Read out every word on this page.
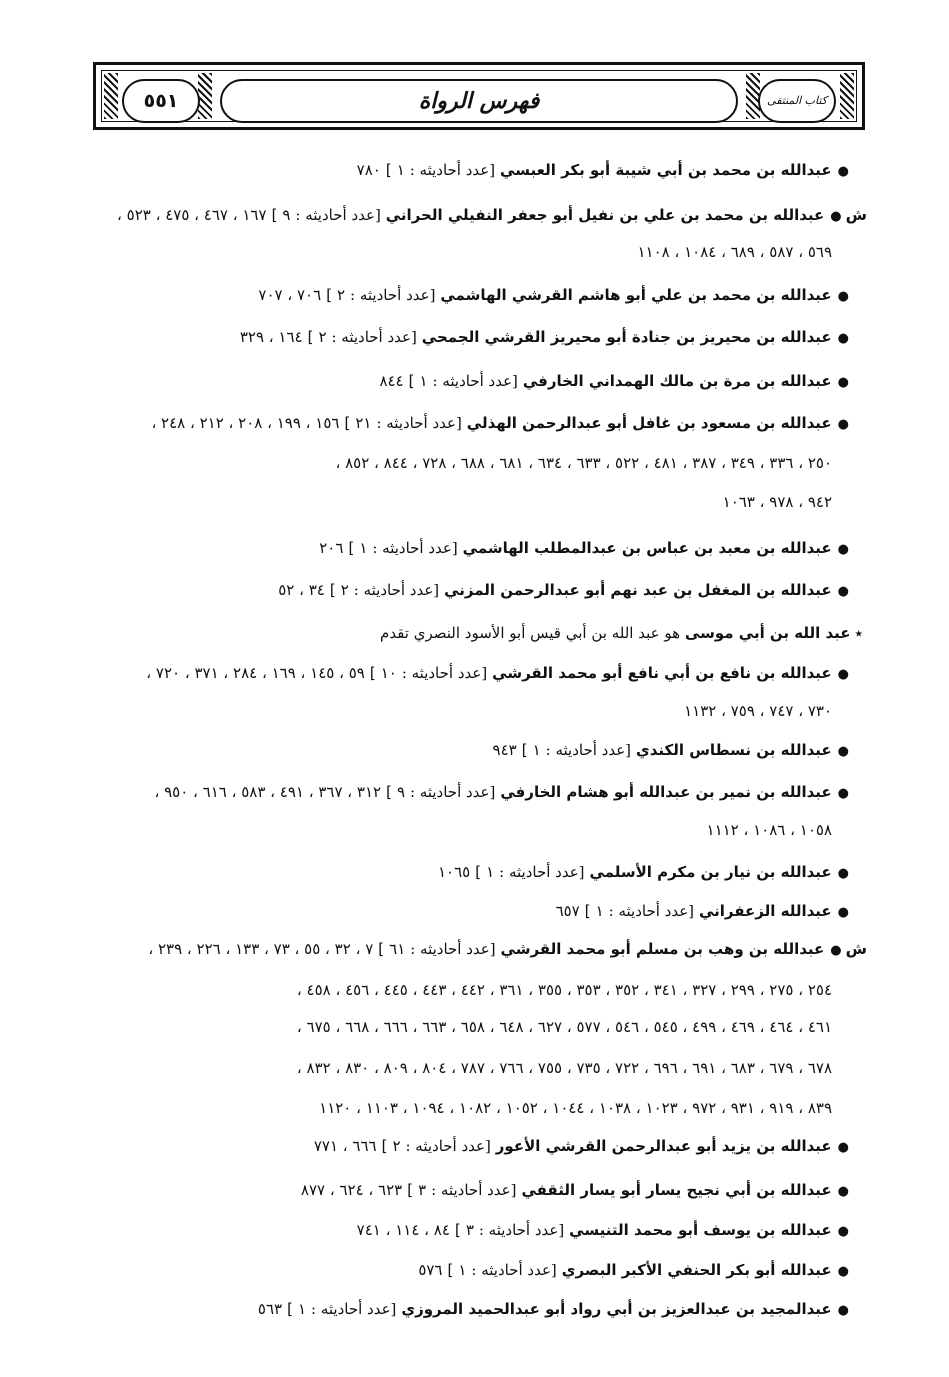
٥٥١	فهرس الرواة	كتاب المنتقى
●عبدالله بن محمد بن أبي شيبة أبو بكر العبسي [عدد أحاديثه : ١ ] ٧٨٠
ش●عبدالله بن محمد بن علي بن نفيل أبو جعفر النفيلي الحراني [عدد أحاديثه : ٩ ] ١٦٧ ، ٤٦٧ ، ٤٧٥ ، ٥٢٣ ،
٥٦٩ ، ٥٨٧ ، ٦٨٩ ، ١٠٨٤ ، ١١٠٨
●عبدالله بن محمد بن علي أبو هاشم القرشي الهاشمي [عدد أحاديثه : ٢ ] ٧٠٦ ، ٧٠٧
●عبدالله بن محيريز بن جنادة أبو محيريز القرشي الجمحي [عدد أحاديثه : ٢ ] ١٦٤ ، ٣٢٩
●عبدالله بن مرة بن مالك الهمداني الخارفي [عدد أحاديثه : ١ ] ٨٤٤
●عبدالله بن مسعود بن غافل أبو عبدالرحمن الهذلي [عدد أحاديثه : ٢١ ] ١٥٦ ، ١٩٩ ، ٢٠٨ ، ٢١٢ ، ٢٤٨ ،
٢٥٠ ، ٣٣٦ ، ٣٤٩ ، ٣٨٧ ، ٤٨١ ، ٥٢٢ ، ٦٣٣ ، ٦٣٤ ، ٦٨١ ، ٦٨٨ ، ٧٢٨ ، ٨٤٤ ، ٨٥٢ ،
٩٤٢ ، ٩٧٨ ، ١٠٦٣
●عبدالله بن معبد بن عباس بن عبدالمطلب الهاشمي [عدد أحاديثه : ١ ] ٢٠٦
●عبدالله بن المغفل بن عبد نهم أبو عبدالرحمن المزني [عدد أحاديثه : ٢ ] ٣٤ ، ٥٢
٭عبد الله بن أبي موسى هو عبد الله بن أبي قيس أبو الأسود النصري تقدم
●عبدالله بن نافع بن أبي نافع أبو محمد القرشي [عدد أحاديثه : ١٠ ] ٥٩ ، ١٤٥ ، ١٦٩ ، ٢٨٤ ، ٣٧١ ، ٧٢٠ ،
٧٣٠ ، ٧٤٧ ، ٧٥٩ ، ١١٣٢
●عبدالله بن نسطاس الكندي [عدد أحاديثه : ١ ] ٩٤٣
●عبدالله بن نمير بن عبدالله أبو هشام الخارفي [عدد أحاديثه : ٩ ] ٣١٢ ، ٣٦٧ ، ٤٩١ ، ٥٨٣ ، ٦١٦ ، ٩٥٠ ،
١٠٥٨ ، ١٠٨٦ ، ١١١٢
●عبدالله بن نيار بن مكرم الأسلمي [عدد أحاديثه : ١ ] ١٠٦٥
●عبدالله الزعفراني [عدد أحاديثه : ١ ] ٦٥٧
ش●عبدالله بن وهب بن مسلم أبو محمد القرشي [عدد أحاديثه : ٦١ ] ٧ ، ٣٢ ، ٥٥ ، ٧٣ ، ١٣٣ ، ٢٢٦ ، ٢٣٩ ،
٢٥٤ ، ٢٧٥ ، ٢٩٩ ، ٣٢٧ ، ٣٤١ ، ٣٥٢ ، ٣٥٣ ، ٣٥٥ ، ٣٦١ ، ٤٤٢ ، ٤٤٣ ، ٤٤٥ ، ٤٥٦ ، ٤٥٨ ،
٤٦١ ، ٤٦٤ ، ٤٦٩ ، ٤٩٩ ، ٥٤٥ ، ٥٤٦ ، ٥٧٧ ، ٦٢٧ ، ٦٤٨ ، ٦٥٨ ، ٦٦٣ ، ٦٦٦ ، ٦٦٨ ، ٦٧٥ ،
٦٧٨ ، ٦٧٩ ، ٦٨٣ ، ٦٩١ ، ٦٩٦ ، ٧٢٢ ، ٧٣٥ ، ٧٥٥ ، ٧٦٦ ، ٧٨٧ ، ٨٠٤ ، ٨٠٩ ، ٨٣٠ ، ٨٣٢ ،
٨٣٩ ، ٩١٩ ، ٩٣١ ، ٩٧٢ ، ١٠٢٣ ، ١٠٣٨ ، ١٠٤٤ ، ١٠٥٢ ، ١٠٨٢ ، ١٠٩٤ ، ١١٠٣ ، ١١٢٠
●عبدالله بن يزيد أبو عبدالرحمن القرشي الأعور [عدد أحاديثه : ٢ ] ٦٦٦ ، ٧٧١
●عبدالله بن أبي نجيح يسار أبو يسار الثقفي [عدد أحاديثه : ٣ ] ٦٢٣ ، ٦٢٤ ، ٨٧٧
●عبدالله بن يوسف أبو محمد التنيسي [عدد أحاديثه : ٣ ] ٨٤ ، ١١٤ ، ٧٤١
●عبدالله أبو بكر الحنفي الأكبر البصري [عدد أحاديثه : ١ ] ٥٧٦
●عبدالمجيد بن عبدالعزيز بن أبي رواد أبو عبدالحميد المروزي [عدد أحاديثه : ١ ] ٥٦٣
